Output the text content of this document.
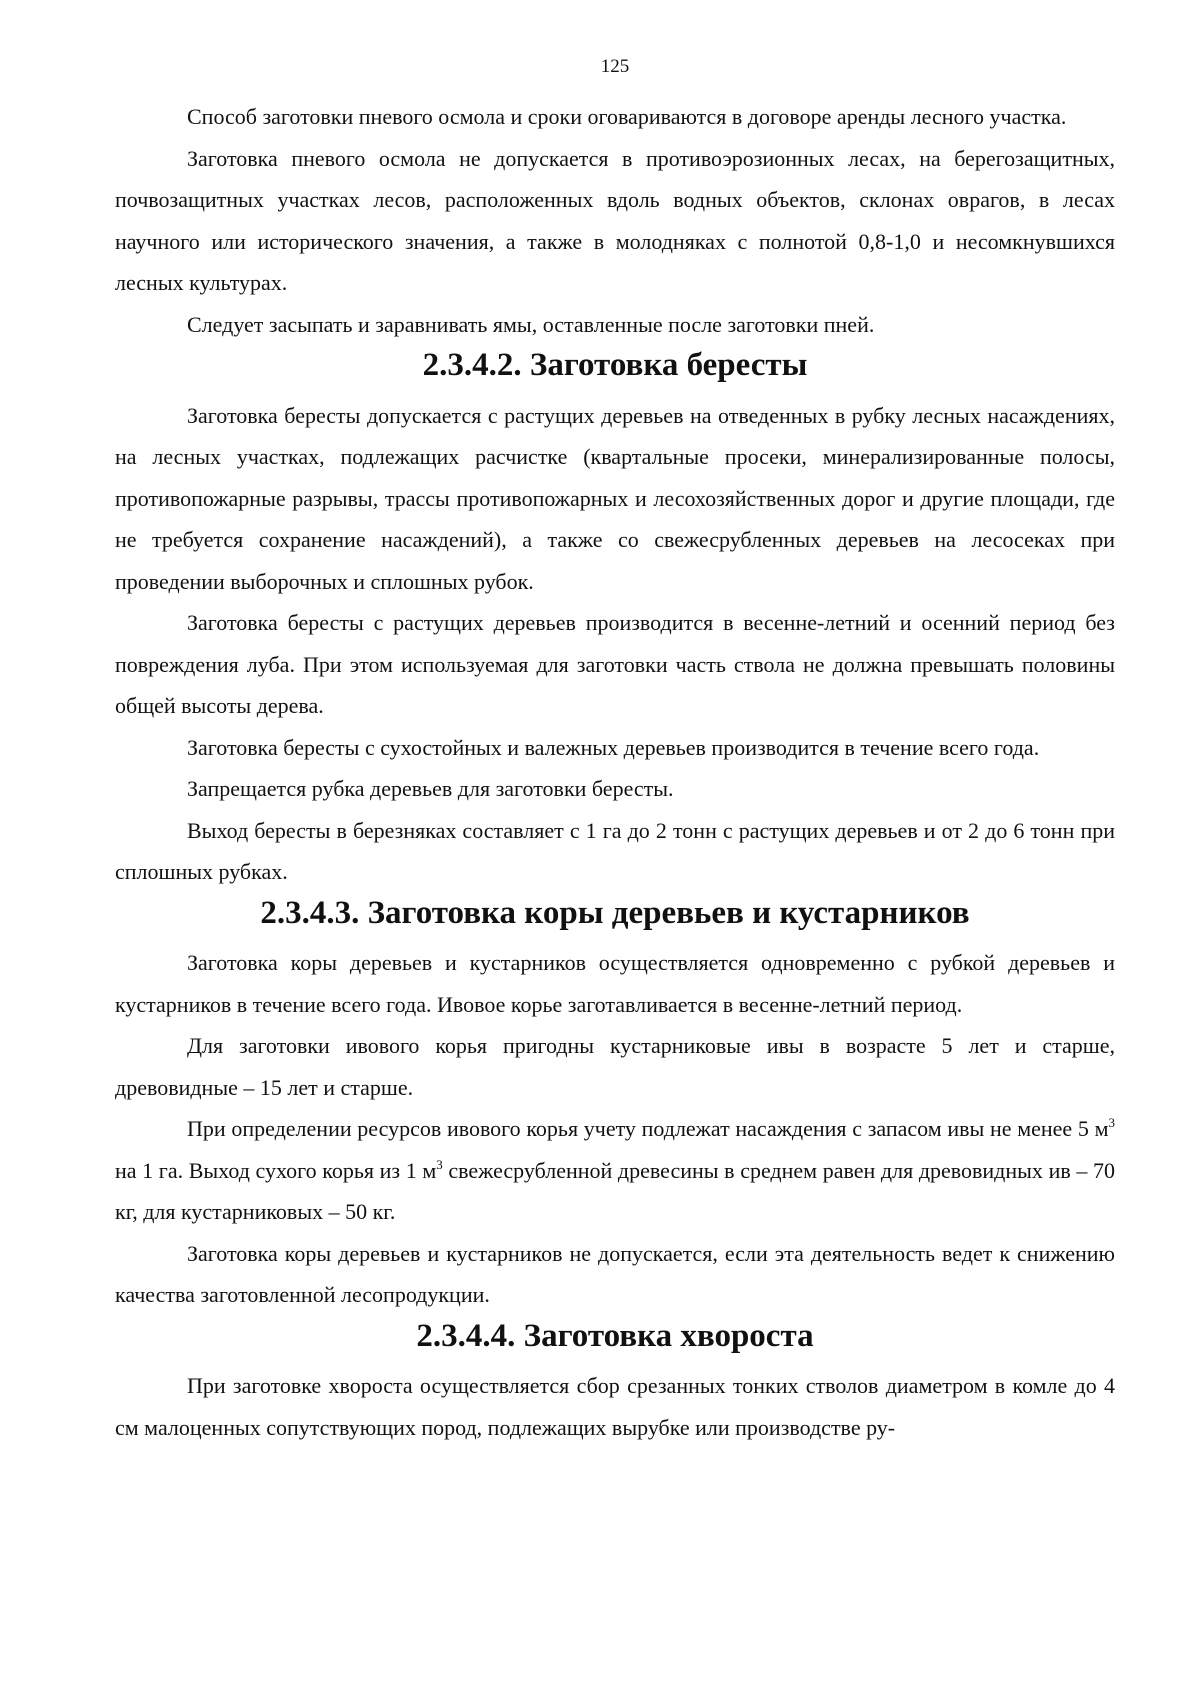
125

Способ заготовки пневого осмола и сроки оговариваются в договоре аренды лесного участка.

Заготовка пневого осмола не допускается в противоэрозионных лесах, на берегозащитных, почвозащитных участках лесов, расположенных вдоль водных объектов, склонах оврагов, в лесах научного или исторического значения, а также в молодняках с полнотой 0,8-1,0 и несомкнувшихся лесных культурах.

Следует засыпать и заравнивать ямы, оставленные после заготовки пней.

2.3.4.2. Заготовка бересты

Заготовка бересты допускается с растущих деревьев на отведенных в рубку лесных насаждениях, на лесных участках, подлежащих расчистке (квартальные просеки, минерализированные полосы, противопожарные разрывы, трассы противопожарных и лесохозяйственных дорог и другие площади, где не требуется сохранение насаждений), а также со свежесрубленных деревьев на лесосеках при проведении выборочных и сплошных рубок.

Заготовка бересты с растущих деревьев производится в весенне-летний и осенний период без повреждения луба. При этом используемая для заготовки часть ствола не должна превышать половины общей высоты дерева.

Заготовка бересты с сухостойных и валежных деревьев производится в течение всего года.

Запрещается рубка деревьев для заготовки бересты.

Выход бересты в березняках составляет с 1 га до 2 тонн с растущих деревьев и от 2 до 6 тонн при сплошных рубках.

2.3.4.3. Заготовка коры деревьев и кустарников

Заготовка коры деревьев и кустарников осуществляется одновременно с рубкой деревьев и кустарников в течение всего года. Ивовое корье заготавливается в весенне-летний период.

Для заготовки ивового корья пригодны кустарниковые ивы в возрасте 5 лет и старше, древовидные – 15 лет и старше.

При определении ресурсов ивового корья учету подлежат насаждения с запасом ивы не менее 5 $м^3$ на 1 га. Выход сухого корья из 1 $м^3$ свежесрубленной древесины в среднем равен для древовидных ив – 70 кг, для кустарниковых – 50 кг.

Заготовка коры деревьев и кустарников не допускается, если эта деятельность ведет к снижению качества заготовленной лесопродукции.

2.3.4.4. Заготовка хвороста

При заготовке хвороста осуществляется сбор срезанных тонких стволов диаметром в комле до 4 см малоценных сопутствующих пород, подлежащих вырубке или производстве ру-
